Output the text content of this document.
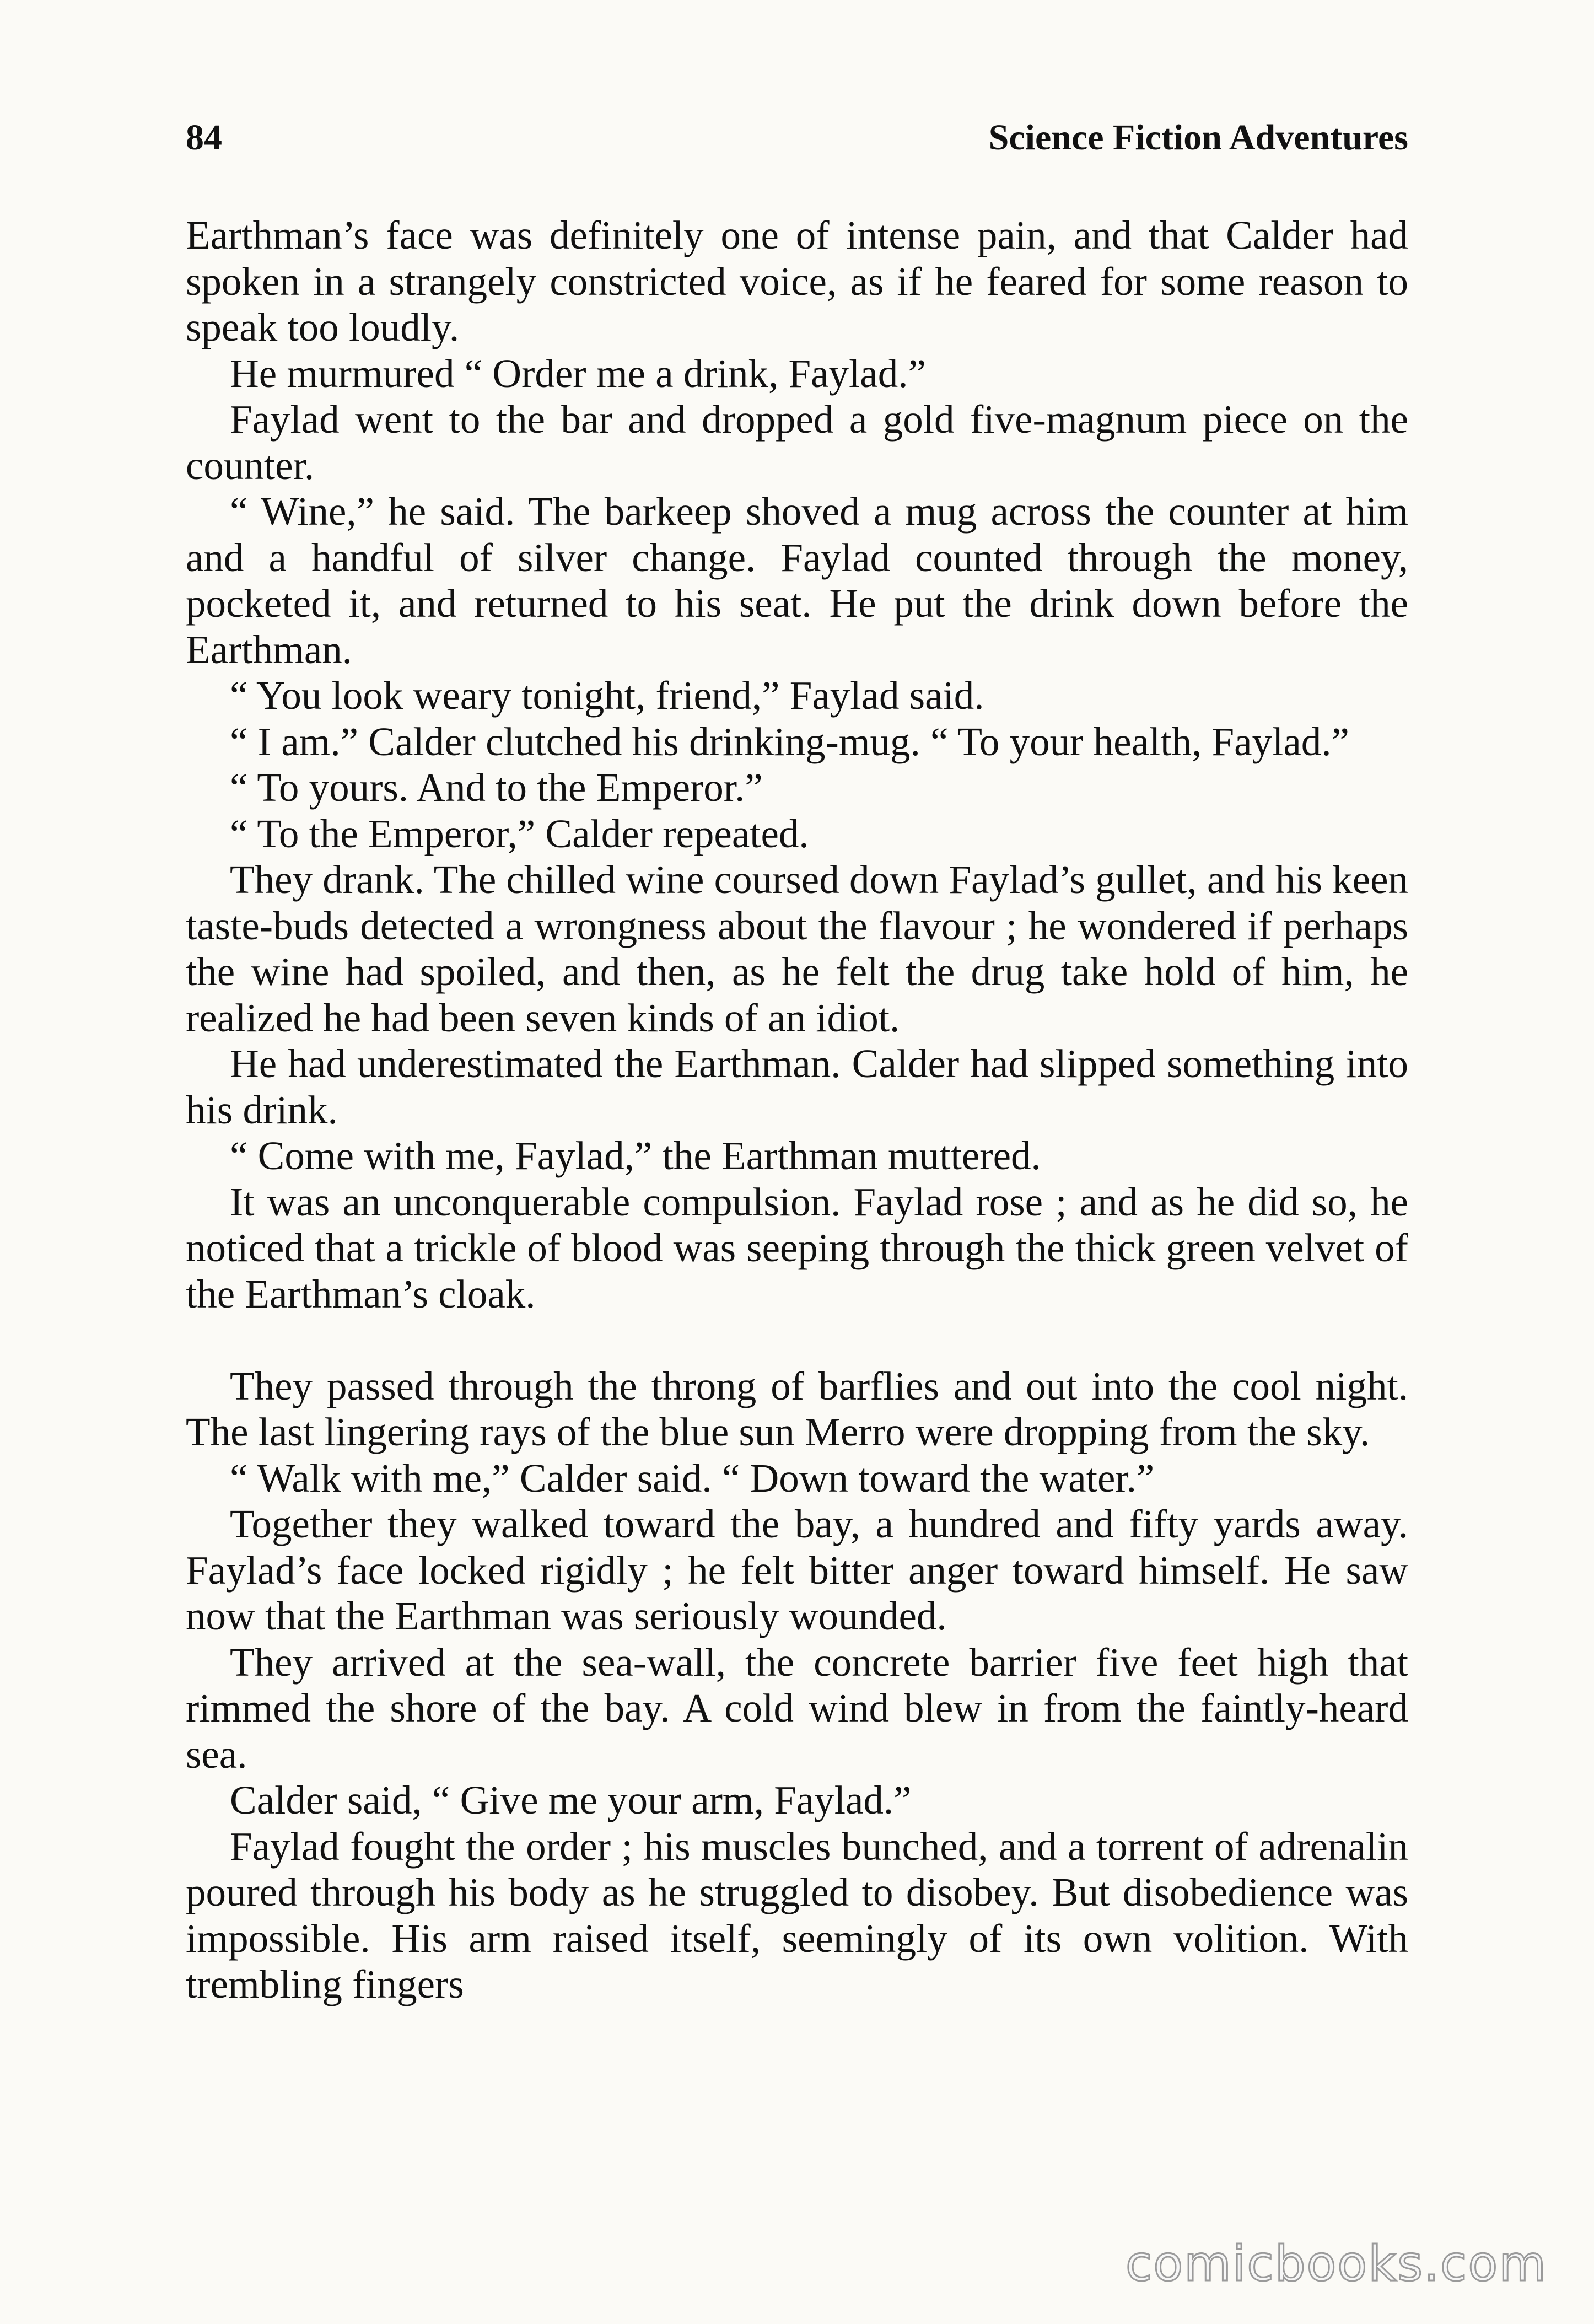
84	Science Fiction Adventures

Earthman’s face was definitely one of intense pain, and that Calder had spoken in a strangely constricted voice, as if he feared for some reason to speak too loudly.

He murmured “ Order me a drink, Faylad.”

Faylad went to the bar and dropped a gold five-magnum piece on the counter.

“ Wine,” he said. The barkeep shoved a mug across the counter at him and a handful of silver change. Faylad counted through the money, pocketed it, and returned to his seat. He put the drink down before the Earthman.

“ You look weary tonight, friend,” Faylad said.

“ I am.” Calder clutched his drinking-mug. “ To your health, Faylad.”

“ To yours. And to the Emperor.”

“ To the Emperor,” Calder repeated.

They drank. The chilled wine coursed down Faylad’s gullet, and his keen taste-buds detected a wrongness about the flavour ; he wondered if perhaps the wine had spoiled, and then, as he felt the drug take hold of him, he realized he had been seven kinds of an idiot.

He had underestimated the Earthman. Calder had slipped something into his drink.

“ Come with me, Faylad,” the Earthman muttered.

It was an unconquerable compulsion. Faylad rose ; and as he did so, he noticed that a trickle of blood was seeping through the thick green velvet of the Earthman’s cloak.

They passed through the throng of barflies and out into the cool night. The last lingering rays of the blue sun Merro were dropping from the sky.

“ Walk with me,” Calder said. “ Down toward the water.”

Together they walked toward the bay, a hundred and fifty yards away. Faylad’s face locked rigidly ; he felt bitter anger toward himself. He saw now that the Earthman was seriously wounded.

They arrived at the sea-wall, the concrete barrier five feet high that rimmed the shore of the bay. A cold wind blew in from the faintly-heard sea.

Calder said, “ Give me your arm, Faylad.”

Faylad fought the order ; his muscles bunched, and a torrent of adrenalin poured through his body as he struggled to disobey. But disobedience was impossible. His arm raised itself, seemingly of its own volition. With trembling fingers

comicbooks.com
